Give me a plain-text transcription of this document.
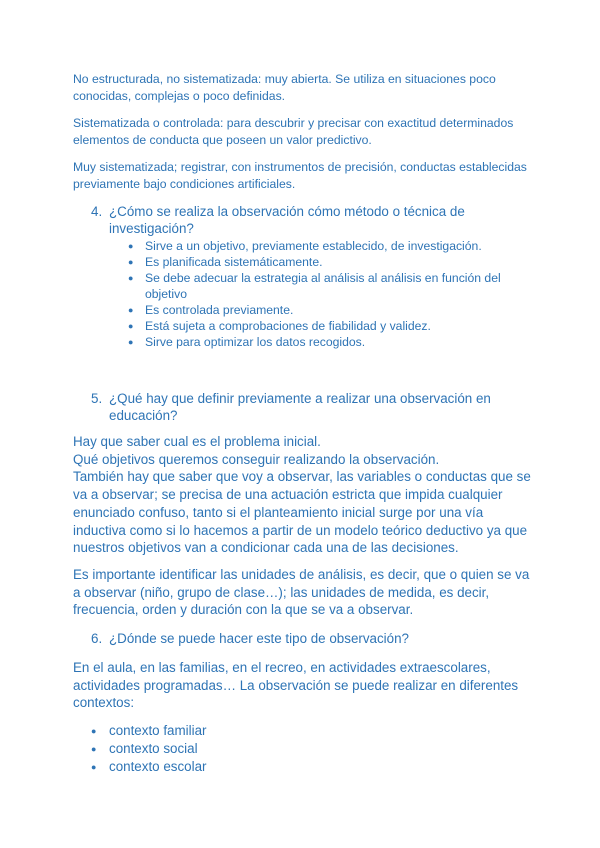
No estructurada, no sistematizada: muy abierta. Se utiliza en situaciones poco conocidas, complejas o poco definidas.

Sistematizada o controlada: para descubrir y precisar con exactitud determinados elementos de conducta que poseen un valor predictivo.

Muy sistematizada; registrar, con instrumentos de precisión, conductas establecidas previamente bajo condiciones artificiales.

4. ¿Cómo se realiza la observación cómo método o técnica de investigación?
● Sirve a un objetivo, previamente establecido, de investigación.
● Es planificada sistemáticamente.
● Se debe adecuar la estrategia al análisis al análisis en función del objetivo
● Es controlada previamente.
● Está sujeta a comprobaciones de fiabilidad y validez.
● Sirve para optimizar los datos recogidos.
5. ¿Qué hay que definir previamente a realizar una observación en educación?

Hay que saber cual es el problema inicial.

Qué objetivos queremos conseguir realizando la observación.

También hay que saber que voy a observar, las variables o conductas que se va a observar; se precisa de una actuación estricta que impida cualquier enunciado confuso, tanto si el planteamiento inicial surge por una vía inductiva como si lo hacemos a partir de un modelo teórico deductivo ya que nuestros objetivos van a condicionar cada una de las decisiones.

Es importante identificar las unidades de análisis, es decir, que o quien se va a observar (niño, grupo de clase…); las unidades de medida, es decir, frecuencia, orden y duración con la que se va a observar.

6. ¿Dónde se puede hacer este tipo de observación?

En el aula, en las familias, en el recreo, en actividades extraescolares, actividades programadas… La observación se puede realizar en diferentes contextos:

● contexto familiar
● contexto social
● contexto escolar
